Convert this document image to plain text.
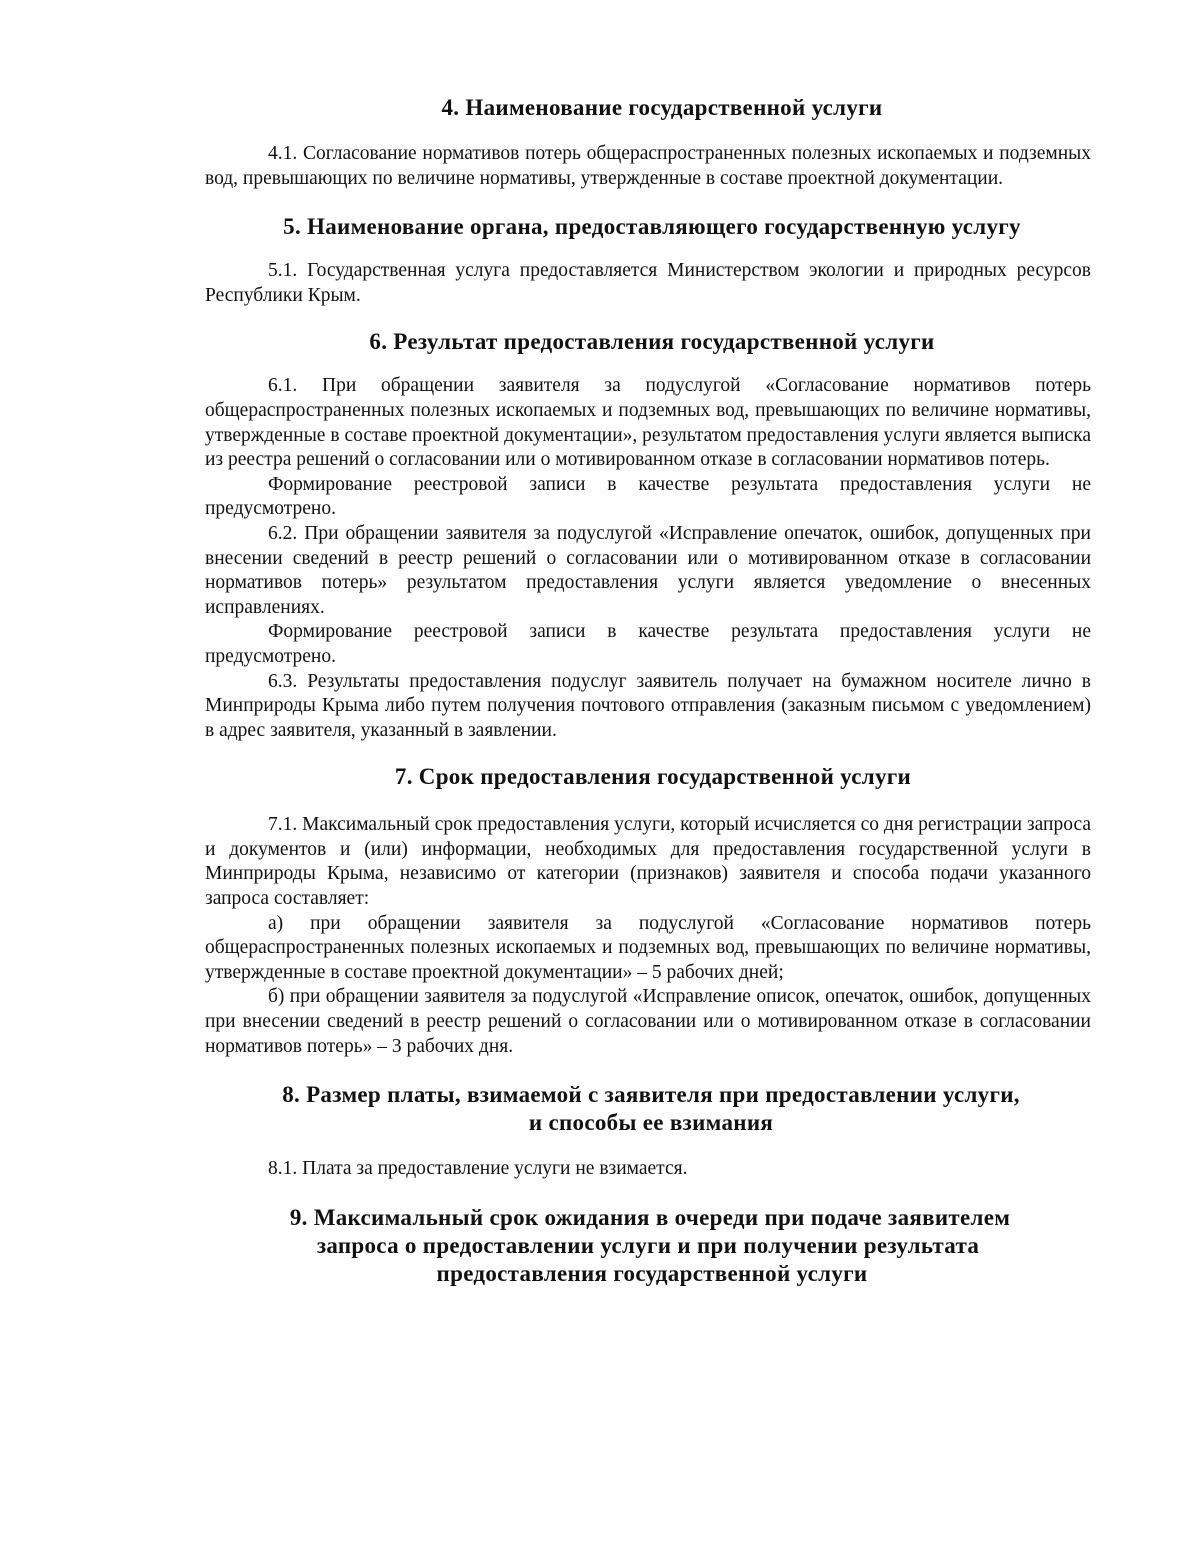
4. Наименование государственной услуги

4.1. Согласование нормативов потерь общераспространенных полезных ископаемых и подземных вод, превышающих по величине нормативы, утвержденные в составе проектной документации.

5. Наименование органа, предоставляющего государственную услугу

5.1. Государственная услуга предоставляется Министерством экологии и природных ресурсов Республики Крым.

6. Результат предоставления государственной услуги

6.1. При обращении заявителя за подуслугой «Согласование нормативов потерь общераспространенных полезных ископаемых и подземных вод, превышающих по величине нормативы, утвержденные в составе проектной документации», результатом предоставления услуги является выписка из реестра решений о согласовании или о мотивированном отказе в согласовании нормативов потерь.

Формирование реестровой записи в качестве результата предоставления услуги не предусмотрено.

6.2. При обращении заявителя за подуслугой «Исправление опечаток, ошибок, допущенных при внесении сведений в реестр решений о согласовании или о мотивированном отказе в согласовании нормативов потерь» результатом предоставления услуги является уведомление о внесенных исправлениях.

Формирование реестровой записи в качестве результата предоставления услуги не предусмотрено.

6.3. Результаты предоставления подуслуг заявитель получает на бумажном носителе лично в Минприроды Крыма либо путем получения почтового отправления (заказным письмом с уведомлением) в адрес заявителя, указанный в заявлении.

7. Срок предоставления государственной услуги

7.1. Максимальный срок предоставления услуги, который исчисляется со дня регистрации запроса и документов и (или) информации, необходимых для предоставления государственной услуги в Минприроды Крыма, независимо от категории (признаков) заявителя и способа подачи указанного запроса составляет:

а) при обращении заявителя за подуслугой «Согласование нормативов потерь общераспространенных полезных ископаемых и подземных вод, превышающих по величине нормативы, утвержденные в составе проектной документации» – 5 рабочих дней;

б) при обращении заявителя за подуслугой «Исправление описок, опечаток, ошибок, допущенных при внесении сведений в реестр решений о согласовании или о мотивированном отказе в согласовании нормативов потерь» – 3 рабочих дня.

8. Размер платы, взимаемой с заявителя при предоставлении услуги,
и способы ее взимания

8.1. Плата за предоставление услуги не взимается.

9. Максимальный срок ожидания в очереди при подаче заявителем
запроса о предоставлении услуги и при получении результата
предоставления государственной услуги
